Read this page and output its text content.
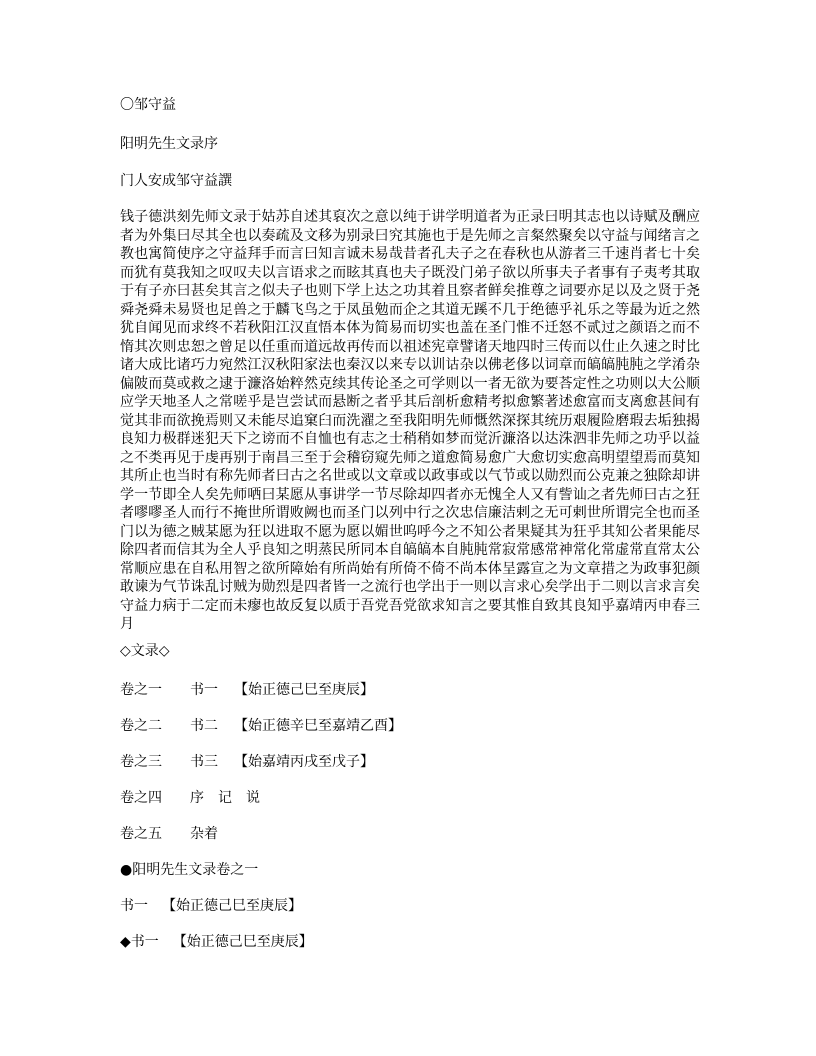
〇邹守益
阳明先生文录序
门人安成邹守益譔
钱子德洪刻先师文录于姑苏自述其裒次之意以纯于讲学明道者为正录曰明其志也以诗赋及酬应者为外集曰尽其全也以奏疏及文移为别录曰究其施也于是先师之言粲然聚矣以守益与闻绪言之教也寓简使序之守益拜手而言曰知言诚未易哉昔者孔夫子之在春秋也从游者三千速肖者七十矣而犹有莫我知之叹叹夫以言语求之而眩其真也夫子既没门弟子欲以所事夫子者事有子夷考其取于有子亦曰甚矣其言之似夫子也则下学上达之功其着且察者鲜矣推尊之词要亦足以及之贤于尧舜尧舜未易贤也足兽之于麟飞鸟之于凤虽勉而企之其道无蹊不几于绝德乎礼乐之等最为近之然犹自闻见而求终不若秋阳江汉直悟本体为简易而切实也盖在圣门惟不迁怒不贰过之颜语之而不惰其次则忠恕之曾足以任重而道远故再传而以祖述宪章譬诸天地四时三传而以仕止久速之时比诸大成比诸巧力宛然江汉秋阳家法也秦汉以来专以训诂杂以佛老侈以词章而皜皜肫肫之学淆杂偏陂而莫或救之逮于濂洛始粹然克续其传论圣之可学则以一者无欲为要荅定性之功则以大公顺应学天地圣人之常嗟乎是岂尝试而悬断之者乎其后剖析愈精考拟愈繁著述愈富而支离愈甚间有觉其非而欲挽焉则又未能尽追窠臼而洗濯之至我阳明先师慨然深探其统历艰履险磨瑕去垢独揭良知力极群迷犯天下之谤而不自恤也有志之士稍稍如梦而觉沂濂洛以达洙泗非先师之功乎以益之不类再见于虔再别于南昌三至于会稽窃窥先师之道愈简易愈广大愈切实愈高明望望焉而莫知其所止也当时有称先师者曰古之名世或以文章或以政事或以气节或以勋烈而公克兼之独除却讲学一节即全人矣先师哂曰某愿从事讲学一节尽除却四者亦无愧全人又有訾讪之者先师曰古之狂者嘐嘐圣人而行不掩世所谓败阙也而圣门以列中行之次忠信廉洁剌之无可剌世所谓完全也而圣门以为德之贼某愿为狂以进取不愿为愿以媚世呜呼今之不知公者果疑其为狂乎其知公者果能尽除四者而信其为全人乎良知之明蒸民所同本自皜皜本自肫肫常寂常感常神常化常虚常直常太公常顺应患在自私用智之欲所障始有所尚始有所倚不倚不尚本体呈露宣之为文章措之为政事犯颜敢谏为气节诛乱讨贼为勋烈是四者皆一之流行也学出于一则以言求心矣学出于二则以言求言矣守益力病于二定而未瘳也故反复以质于吾党吾党欲求知言之要其惟自致其良知乎嘉靖丙申春三月
◇文录◇
卷之一 书一 【始正德己巳至庚辰】
卷之二 书二 【始正德辛巳至嘉靖乙酉】
卷之三 书三 【始嘉靖丙戌至戊子】
卷之四 序　记　说
卷之五 杂着
●阳明先生文录卷之一
书一 【始正德己巳至庚辰】
◆书一 【始正德己巳至庚辰】
